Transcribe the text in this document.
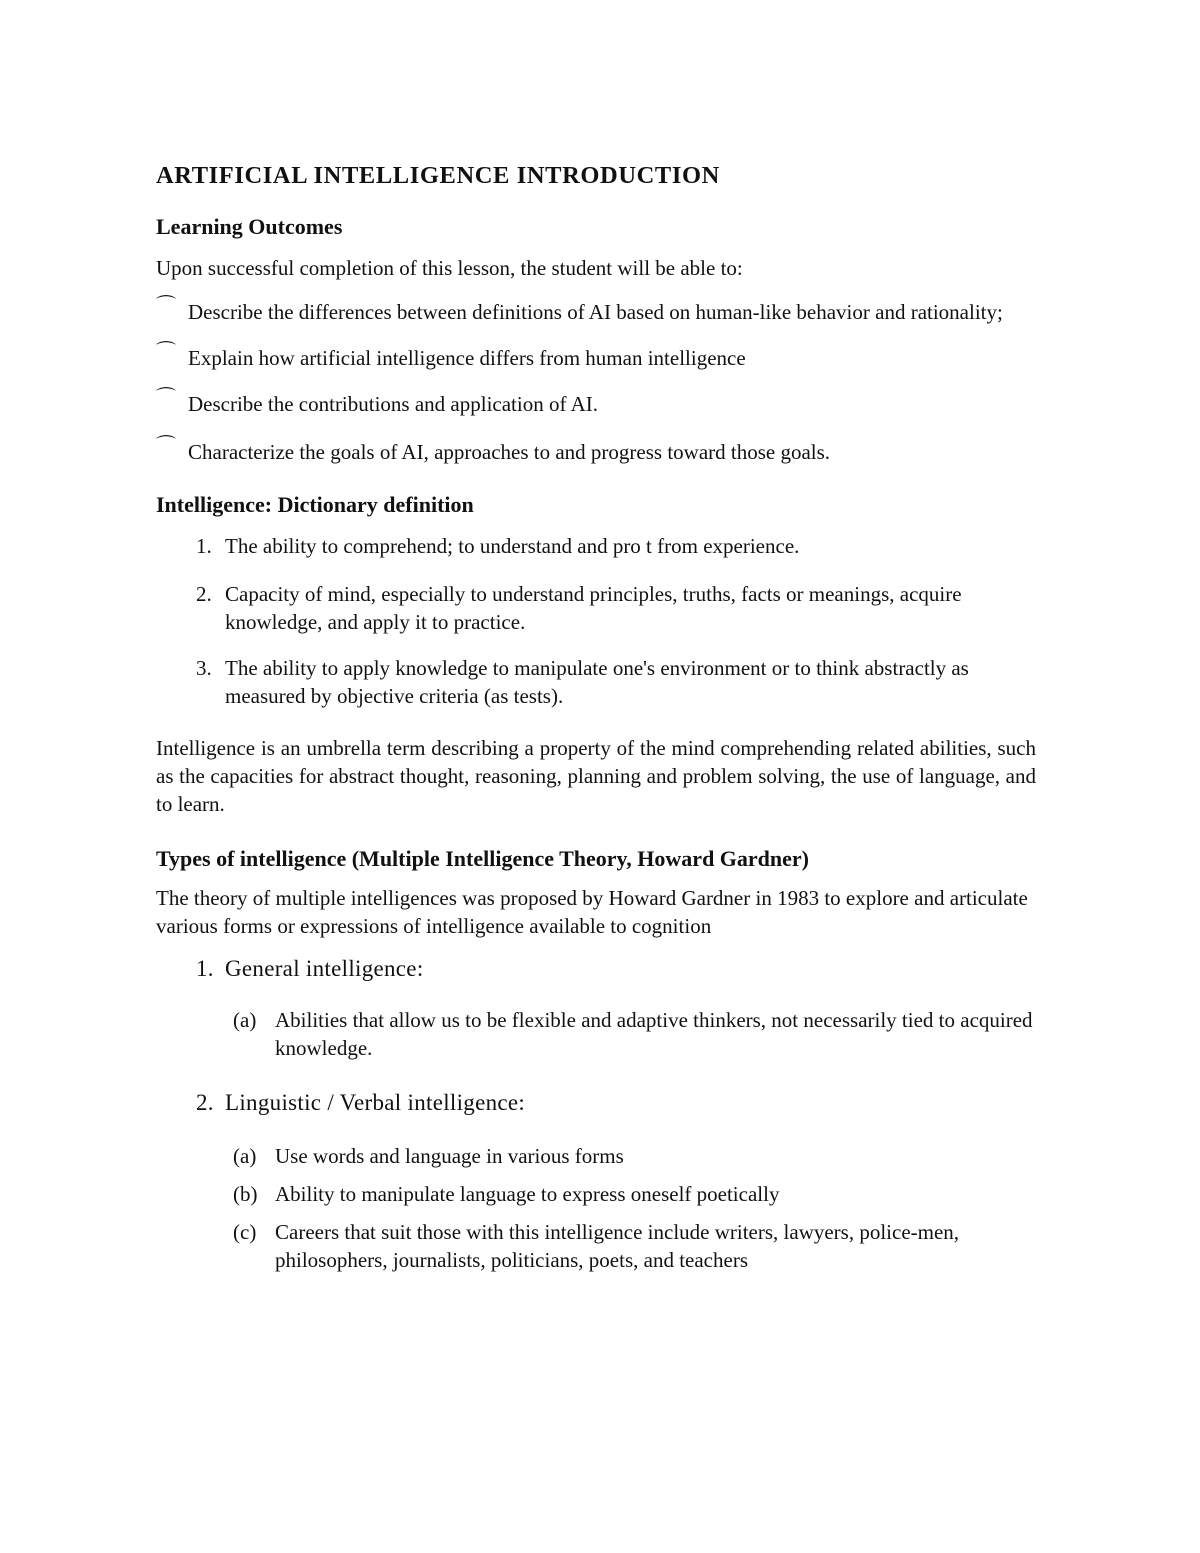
ARTIFICIAL INTELLIGENCE INTRODUCTION
Learning Outcomes

Upon successful completion of this lesson, the student will be able to:

⌒ Describe the differences between definitions of AI based on human-like behavior and rationality;

⌒ Explain how artificial intelligence differs from human intelligence

⌒ Describe the contributions and application of AI.

⌒ Characterize the goals of AI, approaches to and progress toward those goals.

Intelligence: Dictionary definition

1. The ability to comprehend; to understand and pro t from experience.

2. Capacity of mind, especially to understand principles, truths, facts or meanings, acquire knowledge, and apply it to practice.

3. The ability to apply knowledge to manipulate one's environment or to think abstractly as measured by objective criteria (as tests).

Intelligence is an umbrella term describing a property of the mind comprehending related abilities, such as the capacities for abstract thought, reasoning, planning and problem solving, the use of language, and to learn.

Types of intelligence (Multiple Intelligence Theory, Howard Gardner)

The theory of multiple intelligences was proposed by Howard Gardner in 1983 to explore and articulate various forms or expressions of intelligence available to cognition

1. General intelligence:

(a) Abilities that allow us to be flexible and adaptive thinkers, not necessarily tied to acquired knowledge.

2. Linguistic / Verbal intelligence:

(a) Use words and language in various forms

(b) Ability to manipulate language to express oneself poetically

(c) Careers that suit those with this intelligence include writers, lawyers, police-men, philosophers, journalists, politicians, poets, and teachers
